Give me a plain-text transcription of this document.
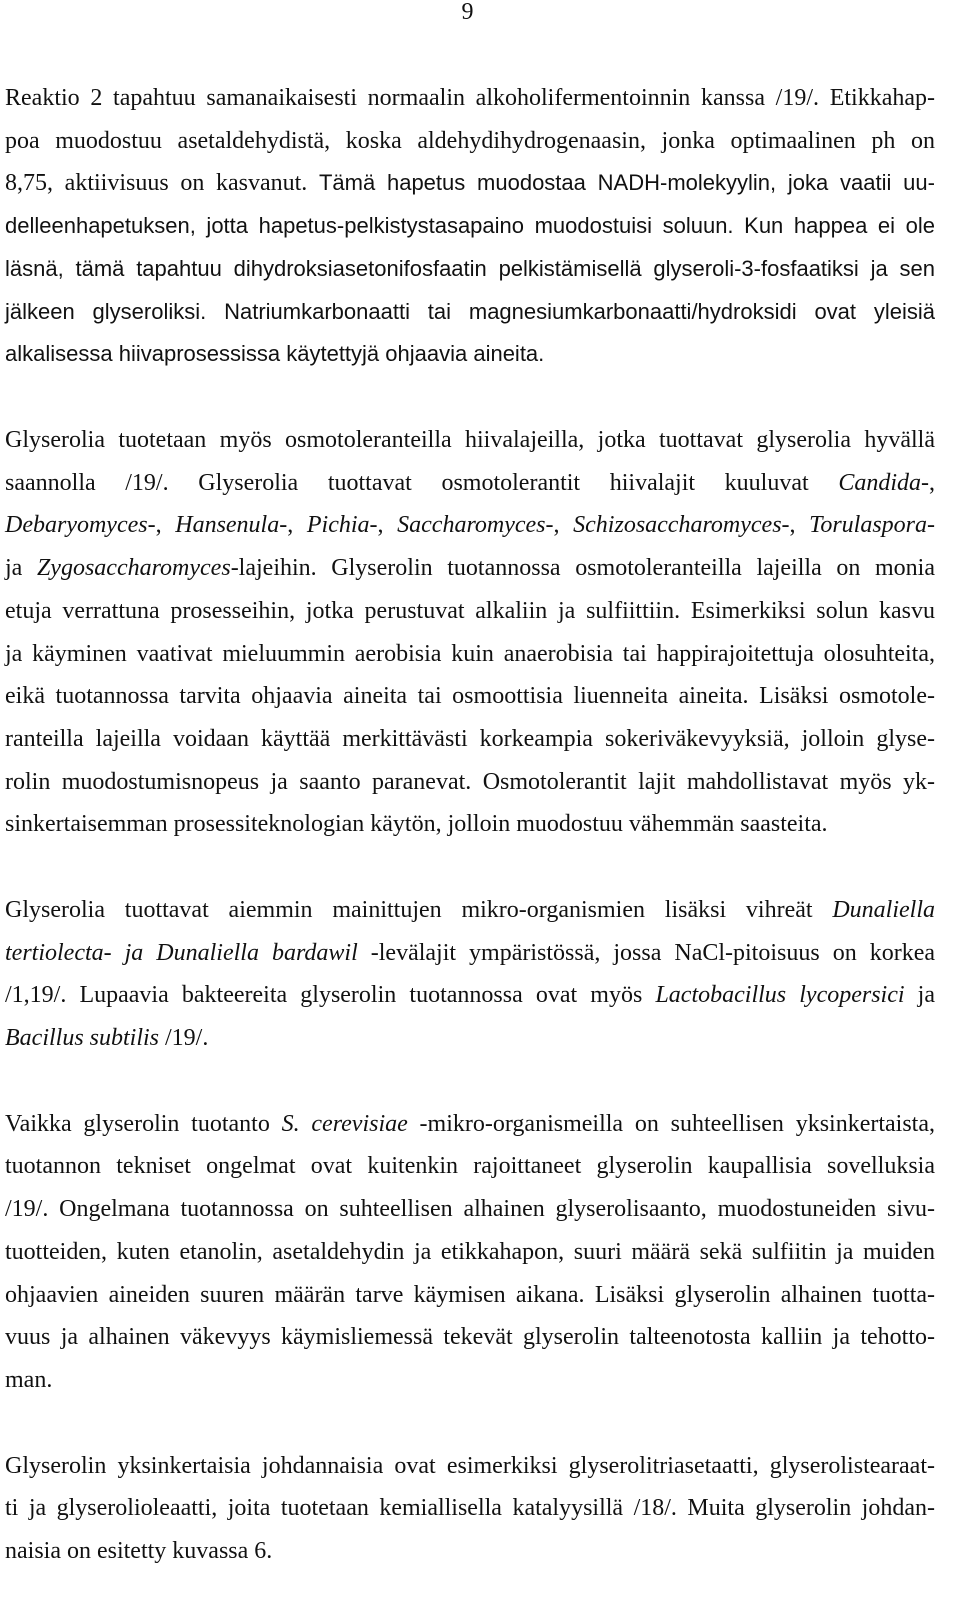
9
Reaktio 2 tapahtuu samanaikaisesti normaalin alkoholifermentoinnin kanssa /19/. Etikkahap-
poa muodostuu asetaldehydistä, koska aldehydihydrogenaasin, jonka optimaalinen ph on
8,75, aktiivisuus on kasvanut. Tämä hapetus muodostaa NADH-molekyylin, joka vaatii uu-
delleenhapetuksen, jotta hapetus-pelkistystasapaino muodostuisi soluun. Kun happea ei ole
läsnä, tämä tapahtuu dihydroksiasetonifosfaatin pelkistämisellä glyseroli-3-fosfaatiksi ja sen
jälkeen glyseroliksi. Natriumkarbonaatti tai magnesiumkarbonaatti/hydroksidi ovat yleisiä
alkalisessa hiivaprosessissa käytettyjä ohjaavia aineita.
Glyserolia tuotetaan myös osmotoleranteilla hiivalajeilla, jotka tuottavat glyserolia hyvällä
saannolla /19/. Glyserolia tuottavat osmotolerantit hiivalajit kuuluvat Candida-,
Debaryomyces-, Hansenula-, Pichia-, Saccharomyces-, Schizosaccharomyces-, Torulaspora-
ja Zygosaccharomyces-lajeihin. Glyserolin tuotannossa osmotoleranteilla lajeilla on monia
etuja verrattuna prosesseihin, jotka perustuvat alkaliin ja sulfiittiin. Esimerkiksi solun kasvu
ja käyminen vaativat mieluummin aerobisia kuin anaerobisia tai happirajoitettuja olosuhteita,
eikä tuotannossa tarvita ohjaavia aineita tai osmoottisia liuenneita aineita. Lisäksi osmotole-
ranteilla lajeilla voidaan käyttää merkittävästi korkeampia sokeriväkevyyksiä, jolloin glyse-
rolin muodostumisnopeus ja saanto paranevat. Osmotolerantit lajit mahdollistavat myös yk-
sinkertaisemman prosessiteknologian käytön, jolloin muodostuu vähemmän saasteita.
Glyserolia tuottavat aiemmin mainittujen mikro-organismien lisäksi vihreät Dunaliella
tertiolecta- ja Dunaliella bardawil -levälajit ympäristössä, jossa NaCl-pitoisuus on korkea
/1,19/. Lupaavia bakteereita glyserolin tuotannossa ovat myös Lactobacillus lycopersici ja
Bacillus subtilis /19/.
Vaikka glyserolin tuotanto S. cerevisiae -mikro-organismeilla on suhteellisen yksinkertaista,
tuotannon tekniset ongelmat ovat kuitenkin rajoittaneet glyserolin kaupallisia sovelluksia
/19/. Ongelmana tuotannossa on suhteellisen alhainen glyserolisaanto, muodostuneiden sivu-
tuotteiden, kuten etanolin, asetaldehydin ja etikkahapon, suuri määrä sekä sulfiitin ja muiden
ohjaavien aineiden suuren määrän tarve käymisen aikana. Lisäksi glyserolin alhainen tuotta-
vuus ja alhainen väkevyys käymisliemessä tekevät glyserolin talteenotosta kalliin ja tehotto-
man.
Glyserolin yksinkertaisia johdannaisia ovat esimerkiksi glyserolitriasetaatti, glyserolistearaat-
ti ja glyserolioleaatti, joita tuotetaan kemiallisella katalyysillä /18/. Muita glyserolin johdan-
naisia on esitetty kuvassa 6.
